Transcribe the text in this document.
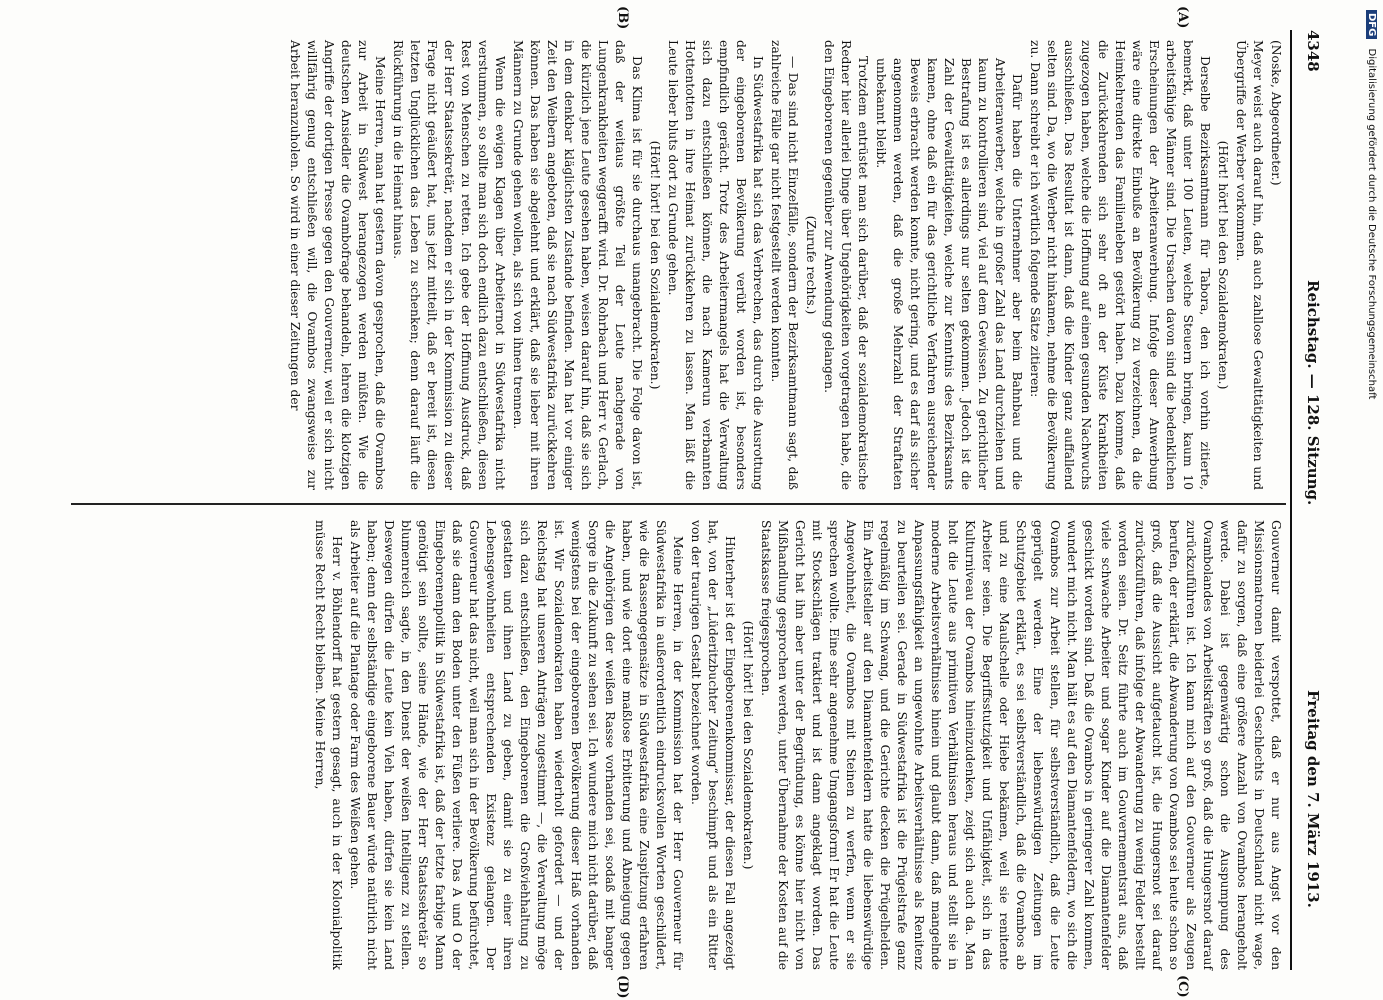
4348
Reichstag. — 128. Sitzung.
Freitag den 7. März 1913.
(A)
(B)
(C)
(D)

(Noske, Abgeordneter.)

Meyer weist auch darauf hin, daß auch zahllose Gewalttätigkeiten und Übergriffe der Werber vorkommen.

(Hört! hört! bei den Sozialdemokraten.)

Derselbe Bezirksamtmann für Tabora, den ich vorhin zitierte, bemerkt, daß unter 100 Leuten, welche Steuern bringen, kaum 10 arbeitsfähige Männer sind. Die Ursachen davon sind die bedenklichen Erscheinungen der Arbeiteranwerbung. Infolge dieser Anwerbung wäre eine direkte Einbuße an Bevölkerung zu verzeichnen, da die Heimkehrenden das Familienleben gestört haben. Dazu komme, daß die Zurückkehrenden sich sehr oft an der Küste Krankheiten zugezogen haben, welche die Hoffnung auf einen gesunden Nachwuchs ausschließen. Das Resultat ist dann, daß die Kinder ganz auffallend selten sind. Da, wo die Werber nicht hinkamen, nehme die Bevölkerung zu. Dann schreibt er ich wörtlich folgende Sätze zitieren:

Dafür haben die Unternehmer aber beim Bahnbau und die Arbeiteranwerber, welche in großer Zahl das Land durchziehen und kaum zu kontrollieren sind, viel auf dem Gewissen. Zu gerichtlicher Bestrafung ist es allerdings nur selten gekommen. Jedoch ist die Zahl der Gewalttätigkeiten, welche zur Kenntnis des Bezirksamts kamen, ohne daß ein für das gerichtliche Verfahren ausreichender Beweis erbracht werden konnte, nicht gering, und es darf als sicher angenommen werden, daß die große Mehrzahl der Straftaten unbekannt bleibt.

Trotzdem entrüstet man sich darüber, daß der sozialdemokratische Redner hier allerlei Dinge über Ungehörigkeiten vorgetragen habe, die den Eingeborenen gegenüber zur Anwendung gelangen.

(Zurufe rechts.)

— Das sind nicht Einzelfälle, sondern der Bezirksamtmann sagt, daß zahlreiche Fälle gar nicht festgestellt werden konnten.

In Südwestafrika hat sich das Verbrechen, das durch die Ausrottung der eingeborenen Bevölkerung verübt worden ist, besonders empfindlich gerächt. Trotz des Arbeitermangels hat die Verwaltung sich dazu entschließen können, die nach Kamerun verbannten Hottentotten in ihre Heimat zurückkehren zu lassen. Man läßt die Leute lieber bluts dort zu Grunde gehen.

(Hört! hört! bei den Sozialdemokraten.)

Das Klima ist für sie durchaus unangebracht. Die Folge davon ist, daß der weitaus größte Teil der Leute nachgerade von Lungenkrankheiten weggerafft wird. Dr. Rohrbach und Herr v. Gerlach, die kürzlich jene Leute gesehen haben, weisen darauf hin, daß sie sich in dem denkbar kläglichsten Zustande befinden. Man hat vor einiger Zeit den Weibern angeboten, daß sie nach Südwestafrika zurückkehren können. Das haben sie abgelehnt und erklärt, daß sie lieber mit ihren Männern zu Grunde gehen wollen, als sich von ihnen trennen.

Wenn die ewigen Klagen über Arbeiternot in Südwestafrika nicht verstummen, so sollte man sich doch endlich dazu entschließen, diesen Rest von Menschen zu retten. Ich gebe der Hoffnung Ausdruck, daß der Herr Staatssekretär, nachdem er sich in der Kommission zu dieser Frage nicht geäußert hat, uns jetzt mitteilt, daß er bereit ist, diesen letzten Unglücklichen das Leben zu schenken; denn darauf läuft die Rückführung in die Heimat hinaus.

Meine Herren, man hat gestern davon gesprochen, daß die Ovambos zur Arbeit in Südwest herangezogen werden müßten. Wie die deutschen Ansiedler die Ovambofrage behandeln, lehren die klotzigen Angriffe der dortigen Presse gegen den Gouverneur, weil er sich nicht willfährig genug entschließen will, die Ovambos zwangsweise zur Arbeit heranzuholen. So wird in einer dieser Zeitungen der

Gouverneur damit verspottet, daß er nur aus Angst vor den Missionsmatronen beiderlei Geschlechts in Deutschland nicht wage, dafür zu sorgen, daß eine größere Anzahl von Ovambos herangeholt werde. Dabei ist gegenwärtig schon die Auspumpung des Ovambolandes von Arbeitskräften so groß, daß die Hungersnot darauf zurückzuführen ist. Ich kann mich auf den Gouverneur als Zeugen berufen, der erklärt, die Abwanderung von Ovambos sei heute schon so groß, daß die Aussicht aufgetaucht ist, die Hungersnot sei darauf zurückzuführen, daß infolge der Abwanderung zu wenig Felder bestellt worden seien. Dr. Seitz führte auch im Gouvernementsrat aus, daß viele schwache Arbeiter und sogar Kinder auf die Diamantenfelder geschickt worden sind. Daß die Ovambos in geringerer Zahl kommen, wundert mich nicht. Man hält es auf den Diamantenfeldern, wo sich die Ovambos zur Arbeit stellen, für selbstverständlich, daß die Leute geprügelt werden. Eine der liebenswürdigen Zeitungen im Schutzgebiet erklärt, es sei selbstverständlich, daß die Ovambos ab und zu eine Maulschelle oder Hiebe bekämen, weil sie renitente Arbeiter seien. Die Begriffsstutzigkeit und Unfähigkeit, sich in das Kulturniveau der Ovambos hineinzudenken, zeigt sich auch da. Man holt die Leute aus primitiven Verhältnissen heraus und stellt sie in moderne Arbeitsverhältnisse hinein und glaubt dann, daß mangelnde Anpassungsfähigkeit an ungewohnte Arbeitsverhältnisse als Renitenz zu beurteilen sei. Gerade in Südwestafrika ist die Prügelstrafe ganz regelmäßig im Schwang, und die Gerichte decken die Prügelhelden. Ein Arbeitsteller auf den Diamantenfeldern hatte die liebenswürdige Angewohnheit, die Ovambos mit Steinen zu werfen, wenn er sie sprechen wollte. Eine sehr angenehme Umgangsform! Er hat die Leute mit Stockschlägen traktiert und ist dann angeklagt worden. Das Gericht hat ihn aber unter der Begründung, es könne hier nicht von Mißhandlung gesprochen werden, unter Übernahme der Kosten auf die Staatskasse freigesprochen.

(Hört! hört! bei den Sozialdemokraten.)

Hinterher ist der Eingeborenenkommissar, der diesen Fall angezeigt hat, von der „Lüderitzbuchter Zeitung“ beschimpft und als ein Ritter von der traurigen Gestalt bezeichnet worden.

Meine Herren, in der Kommission hat der Herr Gouverneur für Südwestafrika in außerordentlich eindrucksvollen Worten geschildert, wie die Rassengegensätze in Südwestafrika eine Zuspitzung erfahren haben, und wie dort eine maßlose Erbitterung und Abneigung gegen die Angehörigen der weißen Rasse vorhanden sei, sodaß mit banger Sorge in die Zukunft zu sehen sei. Ich wundere mich nicht darüber, daß wenigstens bei der eingeborenen Bevölkerung dieser Haß vorhanden ist. Wir Sozialdemokraten haben wiederholt gefordert — und der Reichstag hat unseren Anträgen zugestimmt —, die Verwaltung möge sich dazu entschließen, den Eingeborenen die Großviehhaltung zu gestatten und ihnen Land zu geben, damit sie zu einer ihren Lebensgewohnheiten entsprechenden Existenz gelangen. Der Gouverneur hat das nicht, weil man sich in der Bevölkerung befürchtet, daß sie dann den Boden unter den Füßen verliere. Das A und O der Eingeborenenpolitik in Südwestafrika ist, daß der letzte farbige Mann genötigt sein sollte, seine Hände, wie der Herr Staatssekretär so blumenreich sagte, in den Dienst der weißen Intelligenz zu stellen. Deswegen dürfen die Leute kein Vieh haben, dürfen sie kein Land haben; denn der selbständige eingeborene Bauer würde natürlich nicht als Arbeiter auf die Plantage oder Farm des Weißen gehen.

Herr v. Böhlendorff hat gestern gesagt, auch in der Kolonialpolitik müsse Recht Recht bleiben. Meine Herren,

DFG Digitalisierung gefördert durch die Deutsche Forschungsgemeinschaft
